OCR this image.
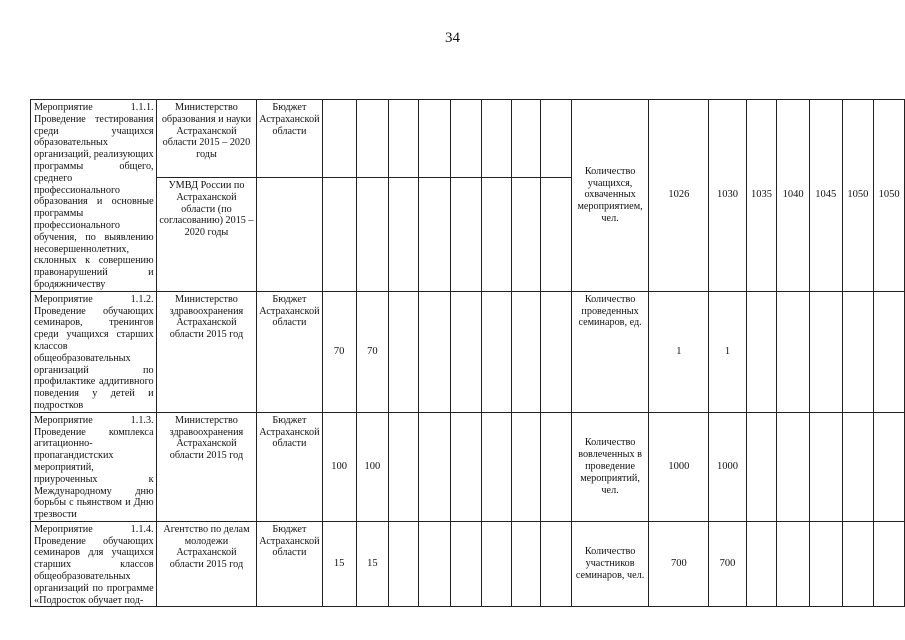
34
Мероприятие 1.1.1. Проведение тестирования среди учащихся образовательных организаций, реализующих программы общего, среднего профессионального образования и основные программы профессионального обучения, по выявлению несовершеннолетних, склонных к совершению правонарушений и бродяжничеству	Министерство образования и науки Астраханской области 2015 – 2020 годы	Бюджет Астраханской области									Количество учащихся, охваченных мероприятием, чел.	1026	1030	1035	1040	1045	1050	1050
	УМВД России по Астраханской области (по согласованию) 2015 – 2020 годы																	
Мероприятие 1.1.2. Проведение обучающих семинаров, тренингов среди учащихся старших классов общеобразовательных организаций по профилактике аддитивного поведения у детей и подростков	Министерство здравоохранения Астраханской области 2015 год	Бюджет Астраханской области	70	70							Количество проведенных семинаров, ед.	1	1					
Мероприятие 1.1.3. Проведение комплекса агитационно-пропагандистских мероприятий, приуроченных к Международному дню борьбы с пьянством и Дню трезвости	Министерство здравоохранения Астраханской области 2015 год	Бюджет Астраханской области	100	100							Количество вовлеченных в проведение мероприятий, чел.	1000	1000					
Мероприятие 1.1.4. Проведение обучающих семинаров для учащихся старших классов общеобразовательных организаций по программе «Подросток обучает под-	Агентство по делам молодежи Астраханской области 2015 год	Бюджет Астраханской области	15	15							Количество участников семинаров, чел.	700	700					
